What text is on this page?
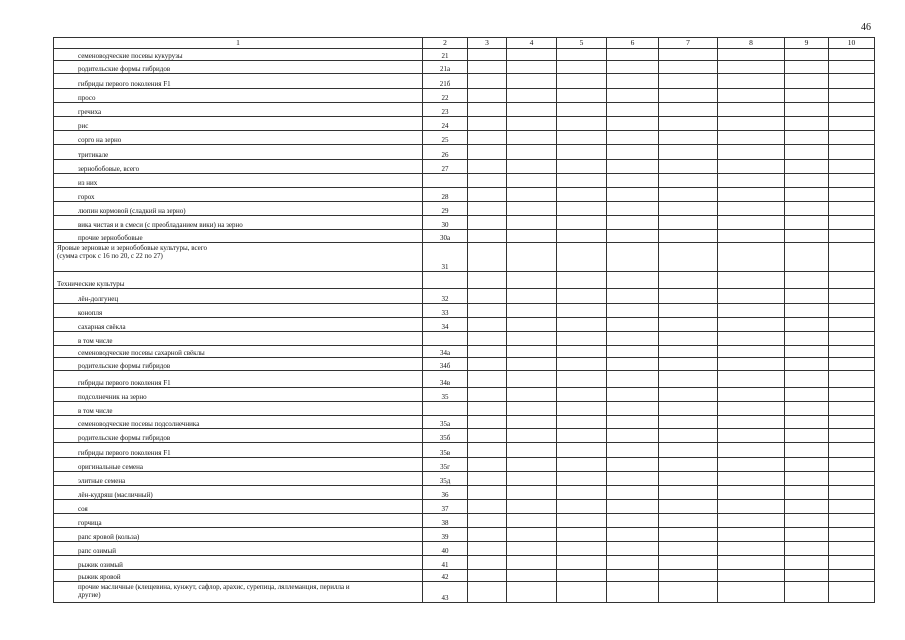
46
1	2	3	4	5	6	7	8	9	10
семеноводческие посевы кукурузы	21								
родительские формы гибридов	21а								
гибриды первого поколения F1	21б								
просо	22								
гречиха	23								
рис	24								
сорго на зерно	25								
тритикале	26								
зернобобовые, всего	27								
из них									
горох	28								
люпин кормовой (сладкий на зерно)	29								
вика чистая и в смеси (с преобладанием вики) на зерно	30								
прочие зернобобовые	30а								
Яровые зерновые и зернобобовые культуры, всего
(сумма строк с 16 по 20, с 22 по 27)	31								
Технические культуры									
лён-долгунец	32								
конопля	33								
сахарная свёкла	34								
в том числе									
семеноводческие посевы сахарной свёклы	34а								
родительские формы гибридов	34б								
гибриды первого поколения F1	34в								
подсолнечник на зерно	35								
в том числе									
семеноводческие посевы подсолнечника	35а								
родительские формы гибридов	35б								
гибриды первого поколения F1	35в								
оригинальные семена	35г								
элитные семена	35д								
лён-кудряш (масличный)	36								
соя	37								
горчица	38								
рапс яровой (кольза)	39								
рапс озимый	40								
рыжик озимый	41								
рыжик яровой	42								
прочие масличные (клещевина, кунжут, сафлор, арахис, сурепица, ляллеманция, перилла и
другие)	43								
